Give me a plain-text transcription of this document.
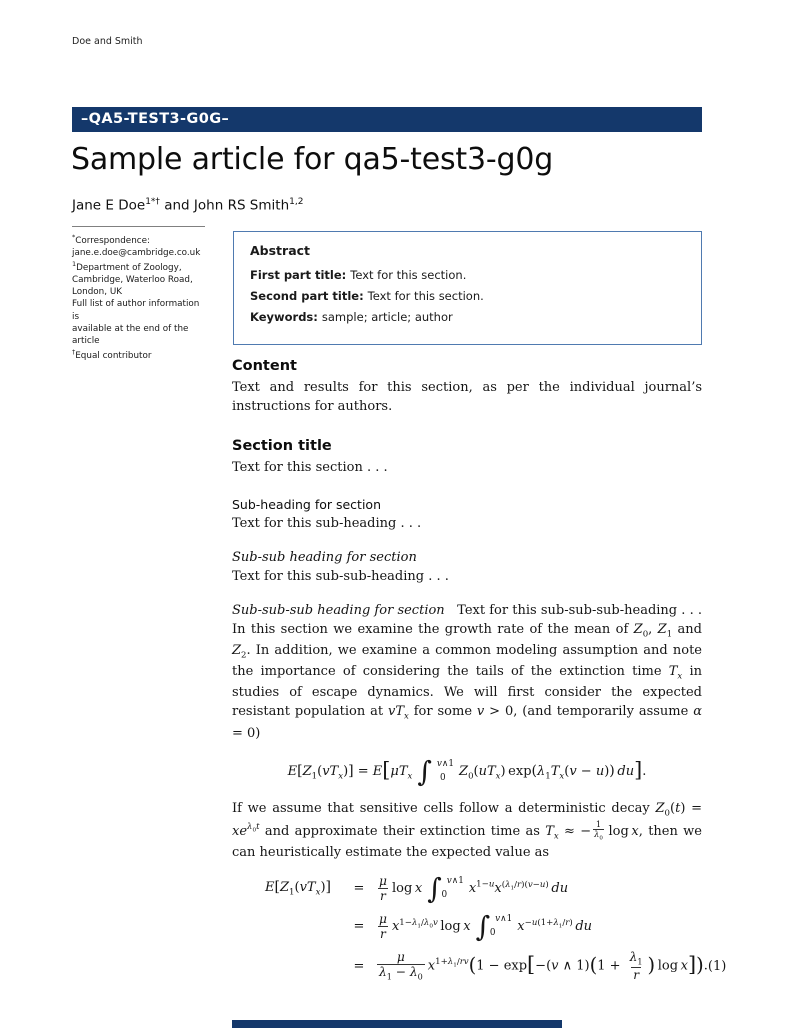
Doe and Smith
–QA5-TEST3-G0G–
Sample article for qa5-test3-g0g
Jane E Doe$^{1*\dagger}$ and John RS Smith$^{1,2}$
*Correspondence:
jane.e.doe@cambridge.co.uk
$^1$Department of Zoology,
Cambridge, Waterloo Road,
London, UK
Full list of author information is
available at the end of the article
†Equal contributor
Abstract
First part title: Text for this section.
Second part title: Text for this section.
Keywords: sample; article; author
Content

Text and results for this section, as per the individual journal’s instructions for authors.

Section title

Text for this section . . .

Sub-heading for section

Text for this sub-heading . . .

Sub-sub heading for section

Text for this sub-sub-heading . . .

Sub-sub-sub heading for section   Text for this sub-sub-sub-heading . . . In this section we examine the growth rate of the mean of $Z_0$, $Z_1$ and $Z_2$. In addition, we examine a common modeling assumption and note the importance of considering the tails of the extinction time $T_x$ in studies of escape dynamics. We will first consider the expected resistant population at $vT_x$ for some v > 0, (and temporarily assume α = 0)

$E[Z_1(vT_x)] = E[\mu T_x$ ∫ v∧1
0	$Z_0(uT_x) \exp(\lambda_1T_x(v - u))$  du].

If we assume that sensitive cells follow a deterministic decay $Z_0(t) = xe^{\lambda_0t}$ and approximate their extinction time as $T_x$ ≈ − $\frac{1}{\lambda_0}$  log x, then we can heuristically estimate the expected value as

$E[Z_1(vT_x)]$	=	$\frac{\mu}{r}$ log x ∫ v∧1
0	$x^{1-u}x^{(\lambda_1/r)(v-u)}$  du
=	$\frac{\mu}{r} x^{1-\lambda_1/\lambda_0v}$ log x ∫ v∧1
0	$x^{-u(1+\lambda_1/r)}$  du
=	$\frac{\mu}{\lambda_1 - \lambda_0} x^{1+\lambda_1/rv}(1 - \exp[-(v$ ∧ $1)(1 + \frac{\lambda_1}{r}$ ) log x]). (1)
